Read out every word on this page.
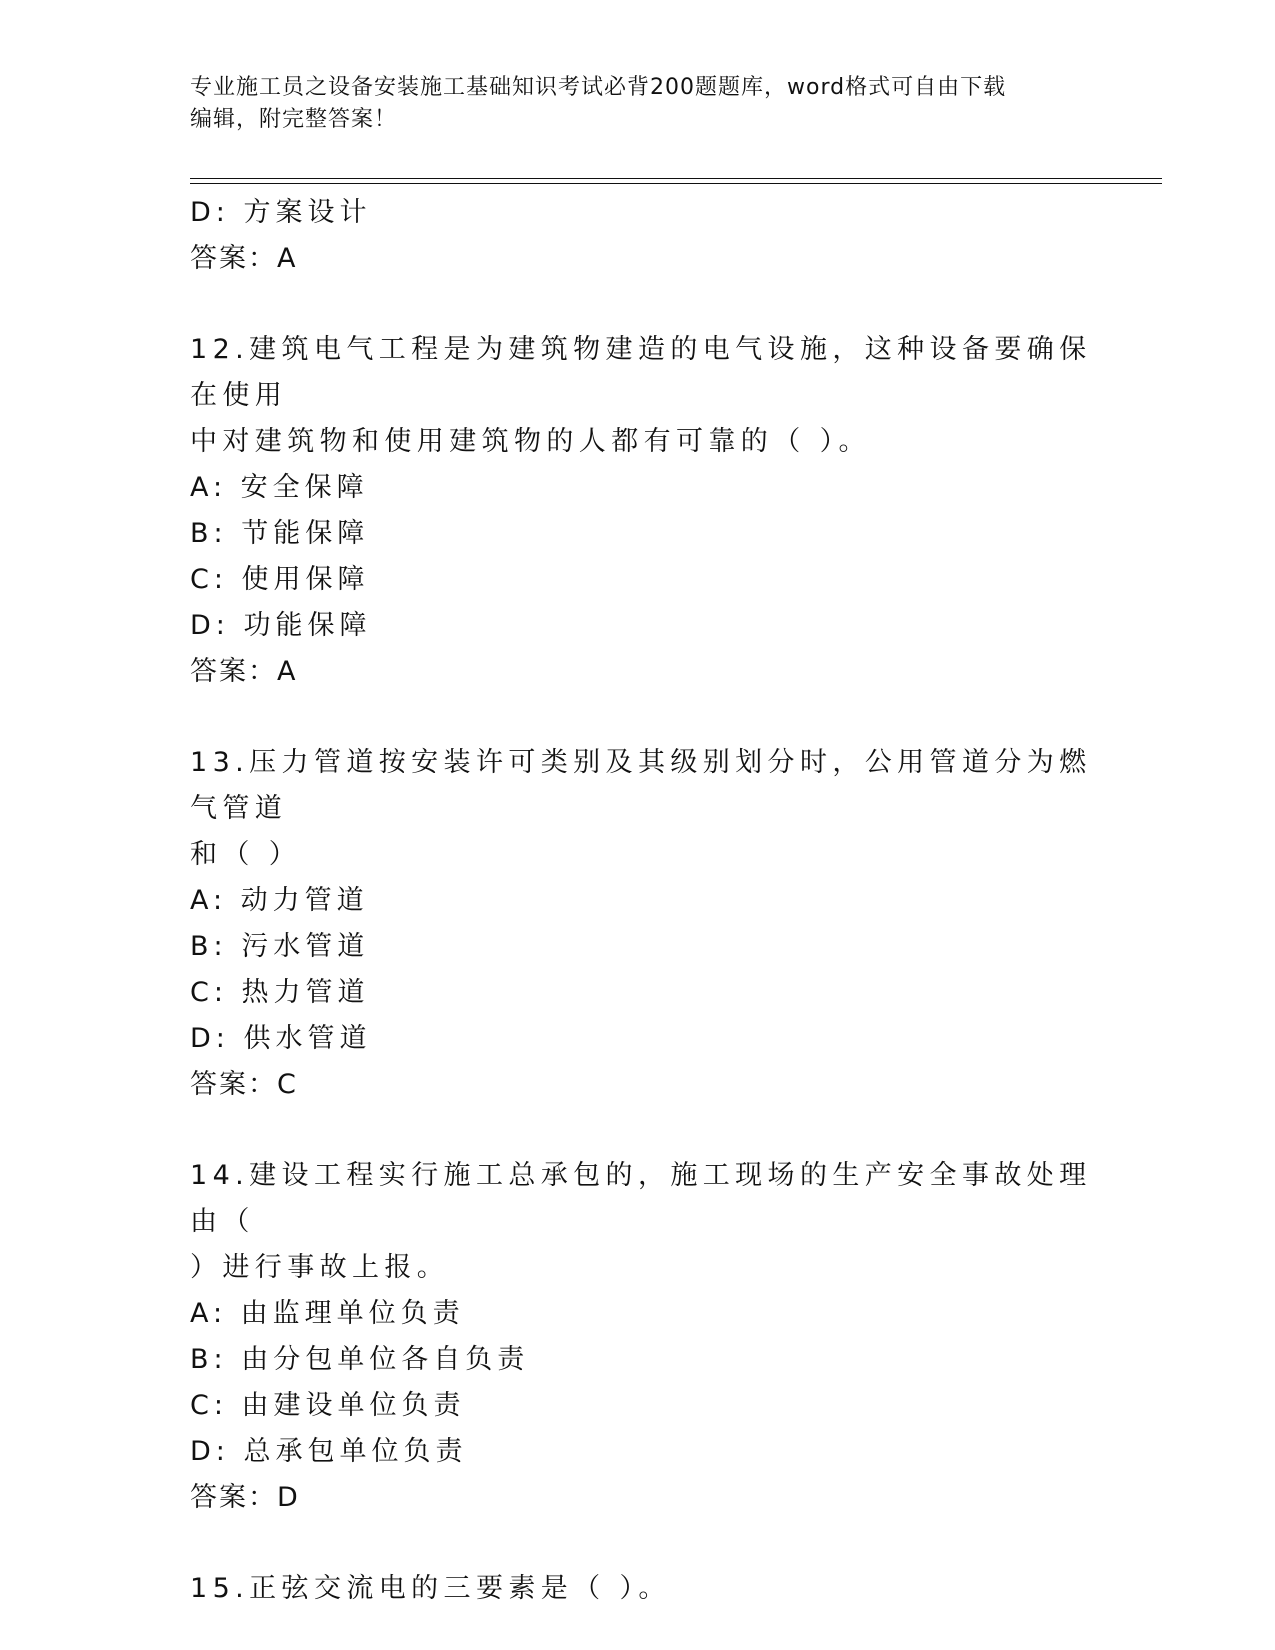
专业施工员之设备安装施工基础知识考试必背200题题库，word格式可自由下载
编辑，附完整答案！
D: 方案设计
答案：A
12.建筑电气工程是为建筑物建造的电气设施，这种设备要确保在使用
中对建筑物和使用建筑物的人都有可靠的（ ）。
A: 安全保障
B: 节能保障
C: 使用保障
D: 功能保障
答案：A
13.压力管道按安装许可类别及其级别划分时，公用管道分为燃气管道
和（ ）
A: 动力管道
B: 污水管道
C: 热力管道
D: 供水管道
答案：C
14.建设工程实行施工总承包的，施工现场的生产安全事故处理由（
）进行事故上报。
A: 由监理单位负责
B: 由分包单位各自负责
C: 由建设单位负责
D: 总承包单位负责
答案：D
15.正弦交流电的三要素是（ ）。
